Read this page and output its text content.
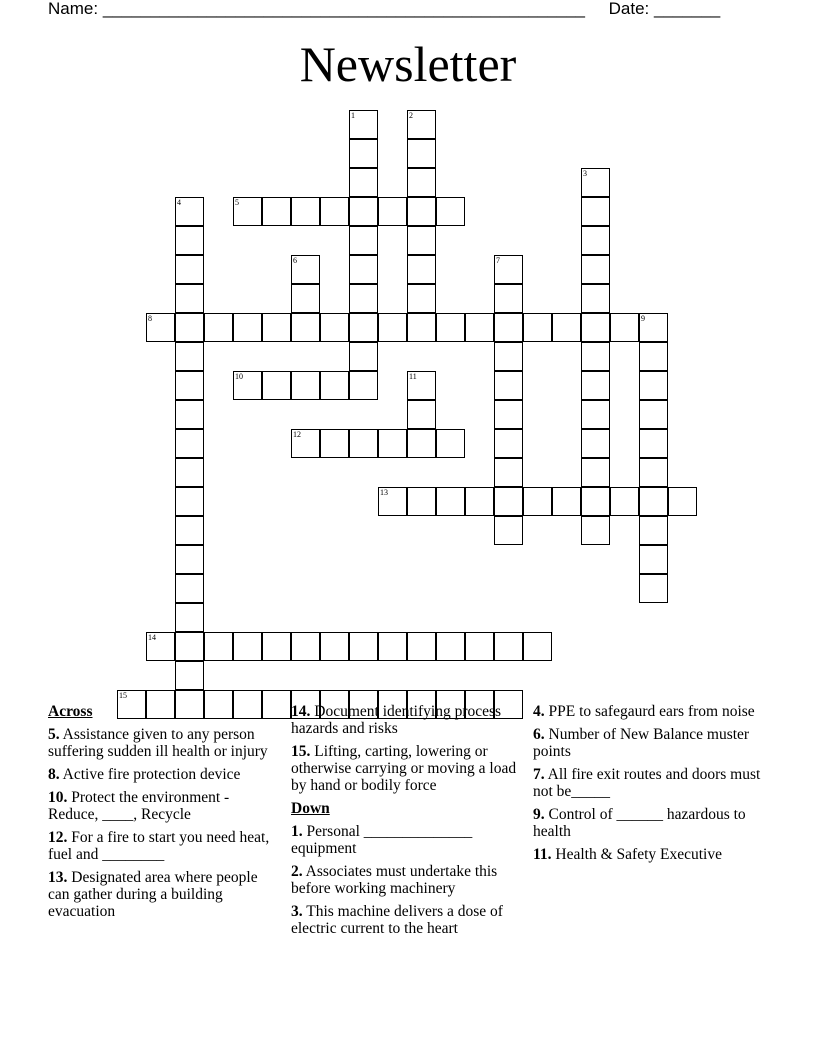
Name: ___________________________________________________ Date: _______
Newsletter
5
8	9
10
12
13
14
15
1	2
3
4
6	7
11
Across
5. Assistance given to any person suffering sudden ill health or injury
8. Active fire protection device
10. Protect the environment - Reduce, ____, Recycle
12. For a fire to start you need heat, fuel and ________
13. Designated area where people can gather during a building evacuation
14. Document identifying process hazards and risks
15. Lifting, carting, lowering or otherwise carrying or moving a load by hand or bodily force
Down
1. Personal ______________ equipment
2. Associates must undertake this before working machinery
3. This machine delivers a dose of electric current to the heart
4. PPE to safegaurd ears from noise
6. Number of New Balance muster points
7. All fire exit routes and doors must not be_____
9. Control of ______ hazardous to health
11. Health & Safety Executive
